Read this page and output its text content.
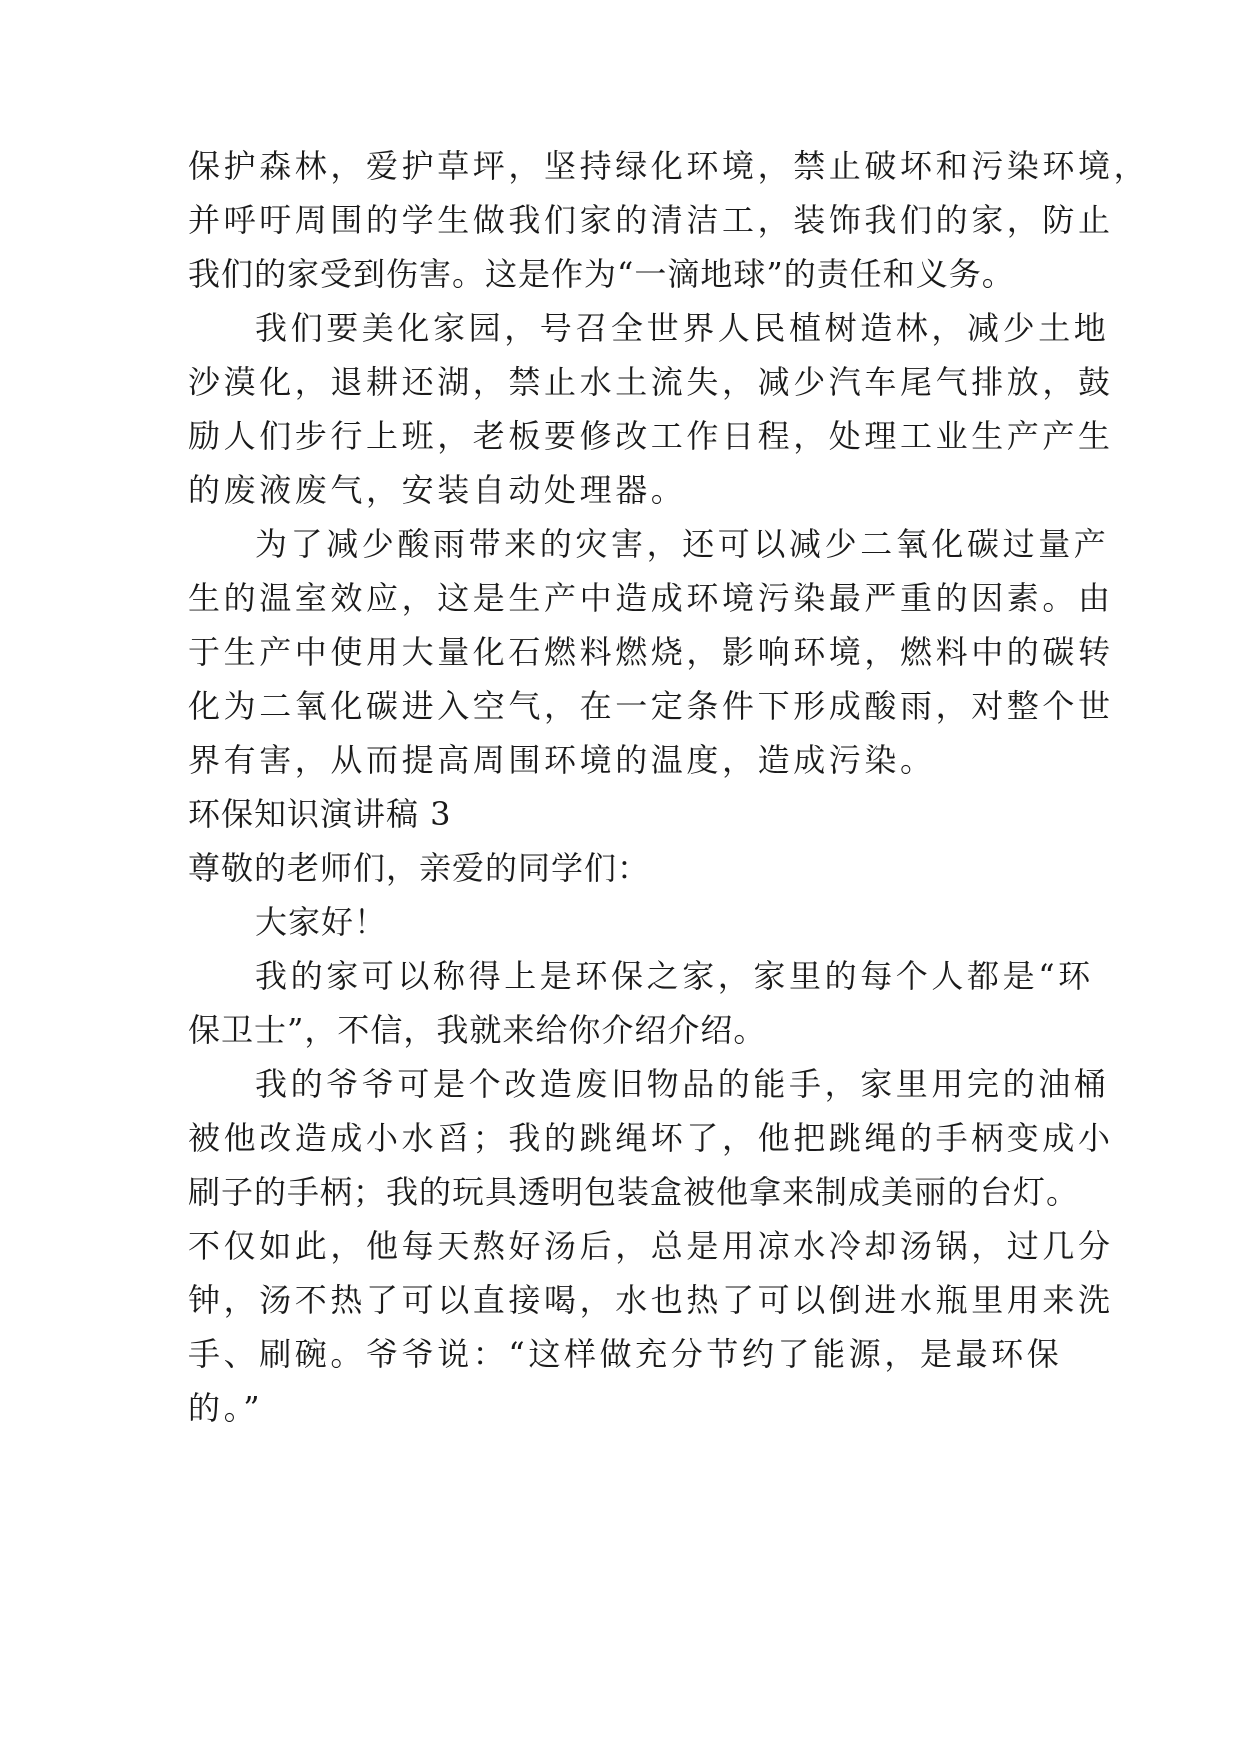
保护森林，爱护草坪，坚持绿化环境，禁止破坏和污染环境，
并呼吁周围的学生做我们家的清洁工，装饰我们的家，防止
我们的家受到伤害。这是作为“一滴地球”的责任和义务。
我们要美化家园，号召全世界人民植树造林，减少土地
沙漠化，退耕还湖，禁止水土流失，减少汽车尾气排放，鼓
励人们步行上班，老板要修改工作日程，处理工业生产产生
的废液废气，安装自动处理器。
为了减少酸雨带来的灾害，还可以减少二氧化碳过量产
生的温室效应，这是生产中造成环境污染最严重的因素。由
于生产中使用大量化石燃料燃烧，影响环境，燃料中的碳转
化为二氧化碳进入空气，在一定条件下形成酸雨，对整个世
界有害，从而提高周围环境的温度，造成污染。
环保知识演讲稿 3
尊敬的老师们，亲爱的同学们：
大家好！
我的家可以称得上是环保之家，家里的每个人都是“环
保卫士”，不信，我就来给你介绍介绍。
我的爷爷可是个改造废旧物品的能手，家里用完的油桶
被他改造成小水舀；我的跳绳坏了，他把跳绳的手柄变成小
刷子的手柄；我的玩具透明包装盒被他拿来制成美丽的台灯。
不仅如此，他每天熬好汤后，总是用凉水冷却汤锅，过几分
钟，汤不热了可以直接喝，水也热了可以倒进水瓶里用来洗
手、刷碗。爷爷说：“这样做充分节约了能源，是最环保
的。”
